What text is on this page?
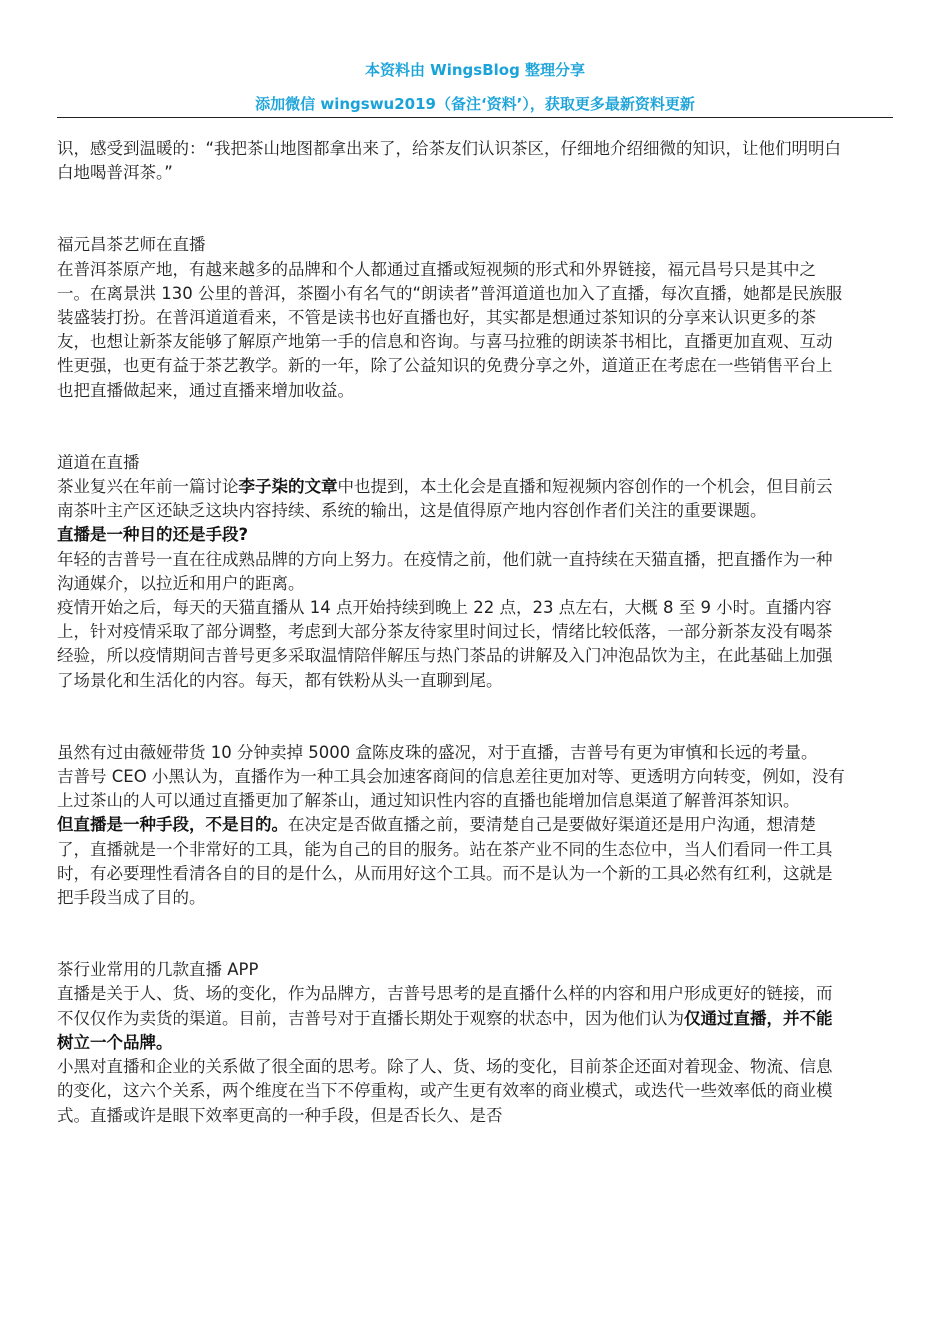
本资料由 WingsBlog 整理分享
添加微信 wingswu2019（备注‘资料’），获取更多最新资料更新

识，感受到温暖的：“我把茶山地图都拿出来了，给茶友们认识茶区，仔细地介绍细微的知识，让他们明明白白地喝普洱茶。”

福元昌茶艺师在直播

在普洱茶原产地，有越来越多的品牌和个人都通过直播或短视频的形式和外界链接，福元昌号只是其中之一。在离景洪 130 公里的普洱，茶圈小有名气的“朗读者”普洱道道也加入了直播，每次直播，她都是民族服装盛装打扮。在普洱道道看来，不管是读书也好直播也好，其实都是想通过茶知识的分享来认识更多的茶友，也想让新茶友能够了解原产地第一手的信息和咨询。与喜马拉雅的朗读茶书相比，直播更加直观、互动性更强，也更有益于茶艺教学。新的一年，除了公益知识的免费分享之外，道道正在考虑在一些销售平台上也把直播做起来，通过直播来增加收益。

道道在直播

茶业复兴在年前一篇讨论李子柒的文章中也提到，本土化会是直播和短视频内容创作的一个机会，但目前云南茶叶主产区还缺乏这块内容持续、系统的输出，这是值得原产地内容创作者们关注的重要课题。

直播是一种目的还是手段?

年轻的吉普号一直在往成熟品牌的方向上努力。在疫情之前，他们就一直持续在天猫直播，把直播作为一种沟通媒介，以拉近和用户的距离。

疫情开始之后，每天的天猫直播从 14 点开始持续到晚上 22 点，23 点左右，大概 8 至 9 小时。直播内容上，针对疫情采取了部分调整，考虑到大部分茶友待家里时间过长，情绪比较低落，一部分新茶友没有喝茶经验，所以疫情期间吉普号更多采取温情陪伴解压与热门茶品的讲解及入门冲泡品饮为主，在此基础上加强了场景化和生活化的内容。每天，都有铁粉从头一直聊到尾。

虽然有过由薇娅带货 10 分钟卖掉 5000 盒陈皮珠的盛况，对于直播，吉普号有更为审慎和长远的考量。

吉普号 CEO 小黑认为，直播作为一种工具会加速客商间的信息差往更加对等、更透明方向转变，例如，没有上过茶山的人可以通过直播更加了解茶山，通过知识性内容的直播也能增加信息渠道了解普洱茶知识。

但直播是一种手段，不是目的。在决定是否做直播之前，要清楚自己是要做好渠道还是用户沟通，想清楚了，直播就是一个非常好的工具，能为自己的目的服务。站在茶产业不同的生态位中，当人们看同一件工具时，有必要理性看清各自的目的是什么，从而用好这个工具。而不是认为一个新的工具必然有红利，这就是把手段当成了目的。

茶行业常用的几款直播 APP

直播是关于人、货、场的变化，作为品牌方，吉普号思考的是直播什么样的内容和用户形成更好的链接，而不仅仅作为卖货的渠道。目前，吉普号对于直播长期处于观察的状态中，因为他们认为仅通过直播，并不能树立一个品牌。

小黑对直播和企业的关系做了很全面的思考。除了人、货、场的变化，目前茶企还面对着现金、物流、信息的变化，这六个关系，两个维度在当下不停重构，或产生更有效率的商业模式，或迭代一些效率低的商业模式。直播或许是眼下效率更高的一种手段，但是否长久、是否
